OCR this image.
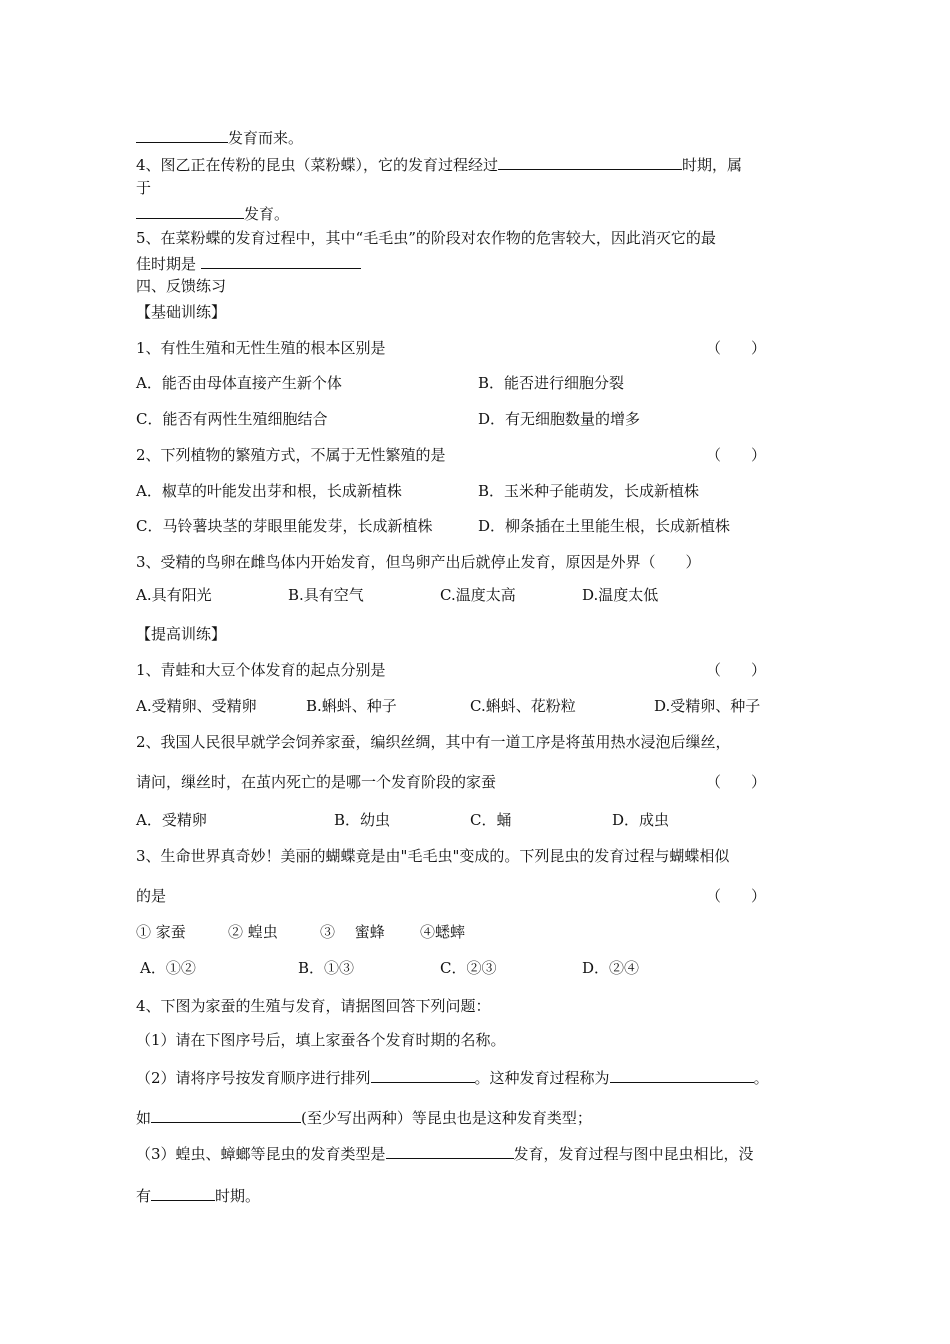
发育而来。
4、图乙正在传粉的昆虫（菜粉蝶），它的发育过程经过	时期，属
于
发育。
5、在菜粉蝶的发育过程中，其中“毛毛虫”的阶段对农作物的危害较大，因此消灭它的最
佳时期是
四、反馈练习
【基础训练】
1、有性生殖和无性生殖的根本区别是	（　　）
A．能否由母体直接产生新个体	B．能否进行细胞分裂
C．能否有两性生殖细胞结合	D．有无细胞数量的增多
2、下列植物的繁殖方式，不属于无性繁殖的是	（　　）
A．椒草的叶能发出芽和根，长成新植株	B．玉米种子能萌发，长成新植株
C．马铃薯块茎的芽眼里能发芽，长成新植株	D．柳条插在土里能生根，长成新植株
3、受精的鸟卵在雌鸟体内开始发育，但鸟卵产出后就停止发育，原因是外界（　　）
A.具有阳光	B.具有空气	C.温度太高	D.温度太低
【提高训练】
1、青蛙和大豆个体发育的起点分别是	（　　）
A.受精卵、受精卵	B.蝌蚪、种子	C.蝌蚪、花粉粒	D.受精卵、种子
2、我国人民很早就学会饲养家蚕，编织丝绸，其中有一道工序是将茧用热水浸泡后缫丝，
请问，缫丝时，在茧内死亡的是哪一个发育阶段的家蚕	（　　）
A．受精卵	B．幼虫	C．蛹	D．成虫
3、生命世界真奇妙！美丽的蝴蝶竟是由"毛毛虫"变成的。下列昆虫的发育过程与蝴蝶相似
的是	（　　）
① 家蚕	② 蝗虫	③　 蜜蜂 ④蟋蟀
A．①②	B．①③	C．②③	D．②④
4、下图为家蚕的生殖与发育，请据图回答下列问题：
（1）请在下图序号后，填上家蚕各个发育时期的名称。
（2）请将序号按发育顺序进行排列	。这种发育过程称为	。
如	(至少写出两种）等昆虫也是这种发育类型；
（3）蝗虫、蟑螂等昆虫的发育类型是	发育，发育过程与图中昆虫相比，没
有	时期。
